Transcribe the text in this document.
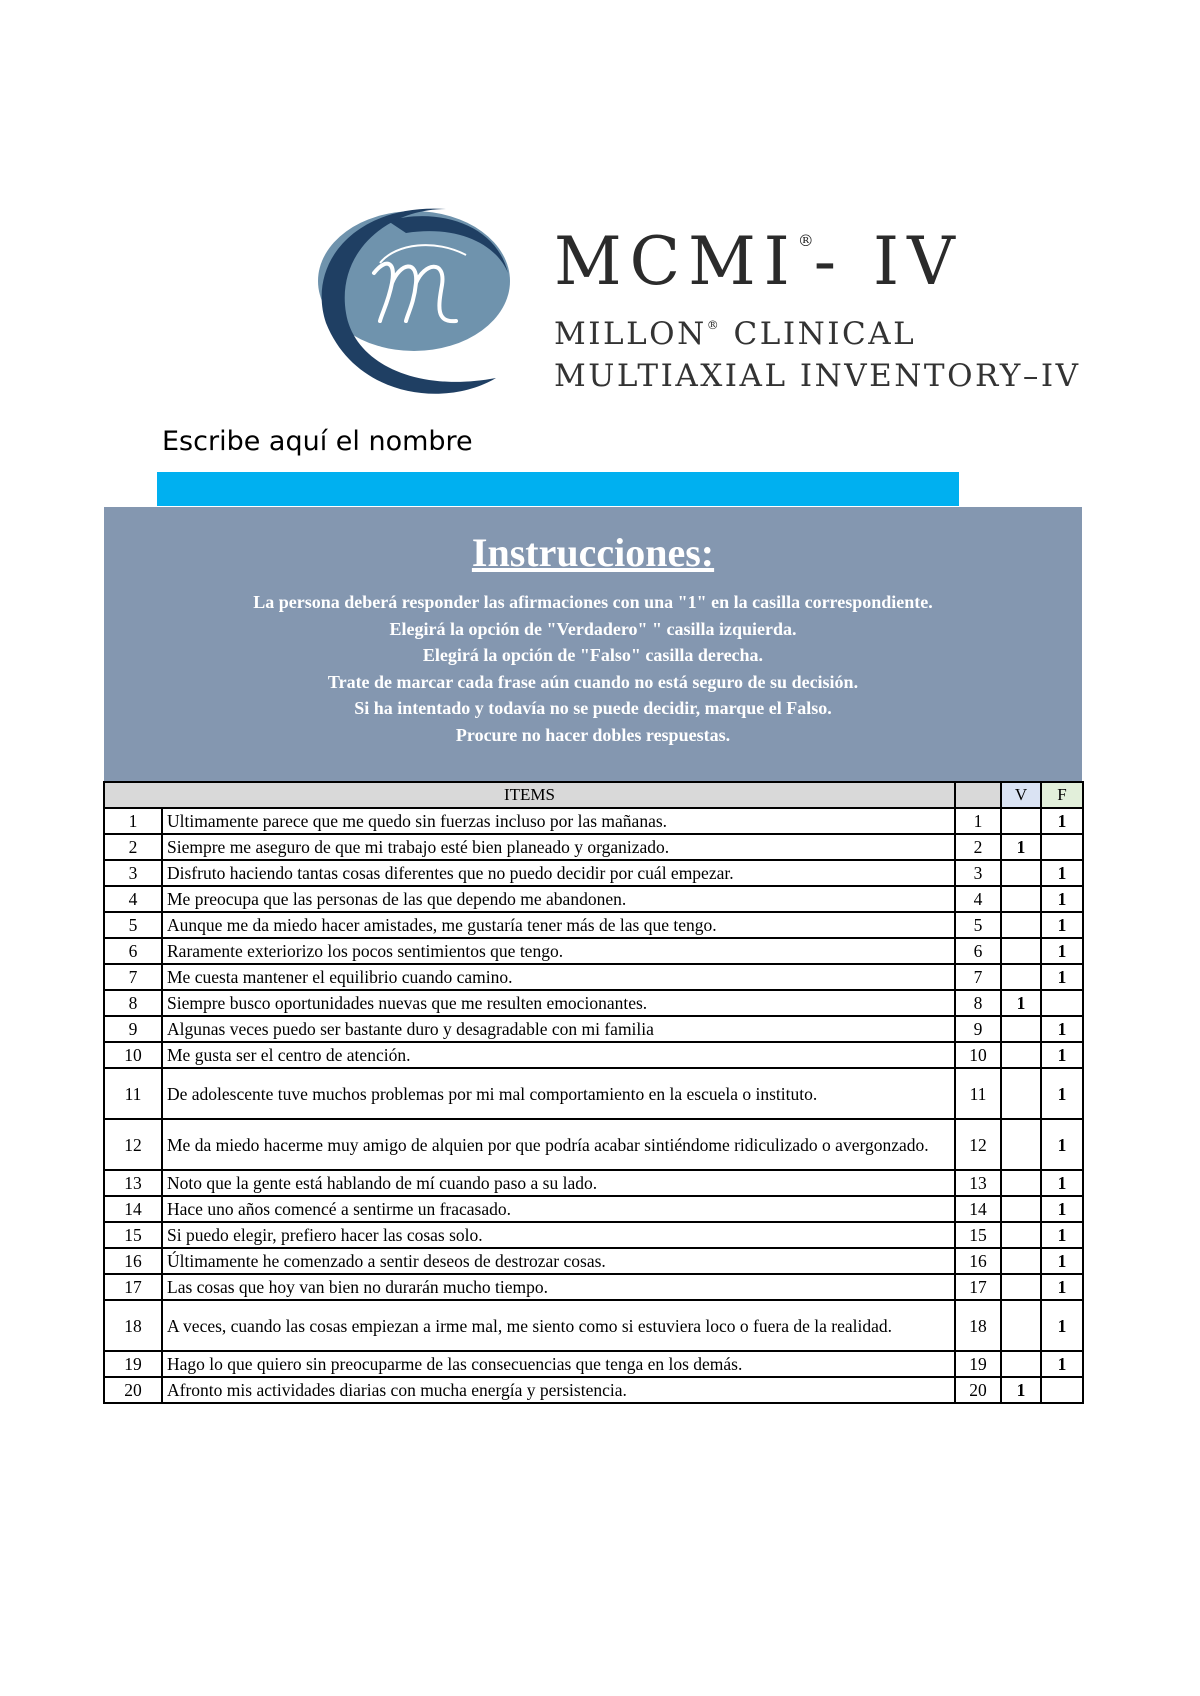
MCMI®- IV
MILLON® CLINICAL
MULTIAXIAL INVENTORY–IV
Escribe aquí el nombre
Instrucciones:
La persona deberá responder las afirmaciones con una "1" en la casilla correspondiente.
Elegirá la opción de "Verdadero" " casilla izquierda.
Elegirá la opción de "Falso" casilla derecha.
Trate de marcar cada frase aún cuando no está seguro de su decisión.
Si ha intentado y todavía no se puede decidir, marque el Falso.
Procure no hacer dobles respuestas.
ITEMS			V	F
1	Ultimamente parece que me quedo sin fuerzas incluso por las mañanas.	1		1
2	Siempre me aseguro de que mi trabajo esté bien planeado y organizado.	2	1	
3	Disfruto haciendo tantas cosas diferentes que no puedo decidir por cuál empezar.	3		1
4	Me preocupa que las personas de las que dependo me abandonen.	4		1
5	Aunque me da miedo hacer amistades, me gustaría tener más de las que tengo.	5		1
6	Raramente exteriorizo los pocos sentimientos que tengo.	6		1
7	Me cuesta mantener el equilibrio cuando camino.	7		1
8	Siempre busco oportunidades nuevas que me resulten emocionantes.	8	1	
9	Algunas veces puedo ser bastante duro y desagradable con mi familia	9		1
10	Me gusta ser el centro de atención.	10		1
11	De adolescente tuve muchos problemas por mi mal comportamiento en la escuela o instituto.	11		1
12	Me da miedo hacerme muy amigo de alquien por que podría acabar sintiéndome ridiculizado o avergonzado.	12		1
13	Noto que la gente está hablando de mí cuando paso a su lado.	13		1
14	Hace uno años comencé a sentirme un fracasado.	14		1
15	Si puedo elegir, prefiero hacer las cosas solo.	15		1
16	Últimamente he comenzado a sentir deseos de destrozar cosas.	16		1
17	Las cosas que hoy van bien no durarán mucho tiempo.	17		1
18	A veces, cuando las cosas empiezan a irme mal, me siento como si estuviera loco o fuera de la realidad.	18		1
19	Hago lo que quiero sin preocuparme de las consecuencias que tenga en los demás.	19		1
20	Afronto mis actividades diarias con mucha energía y persistencia.	20	1	
